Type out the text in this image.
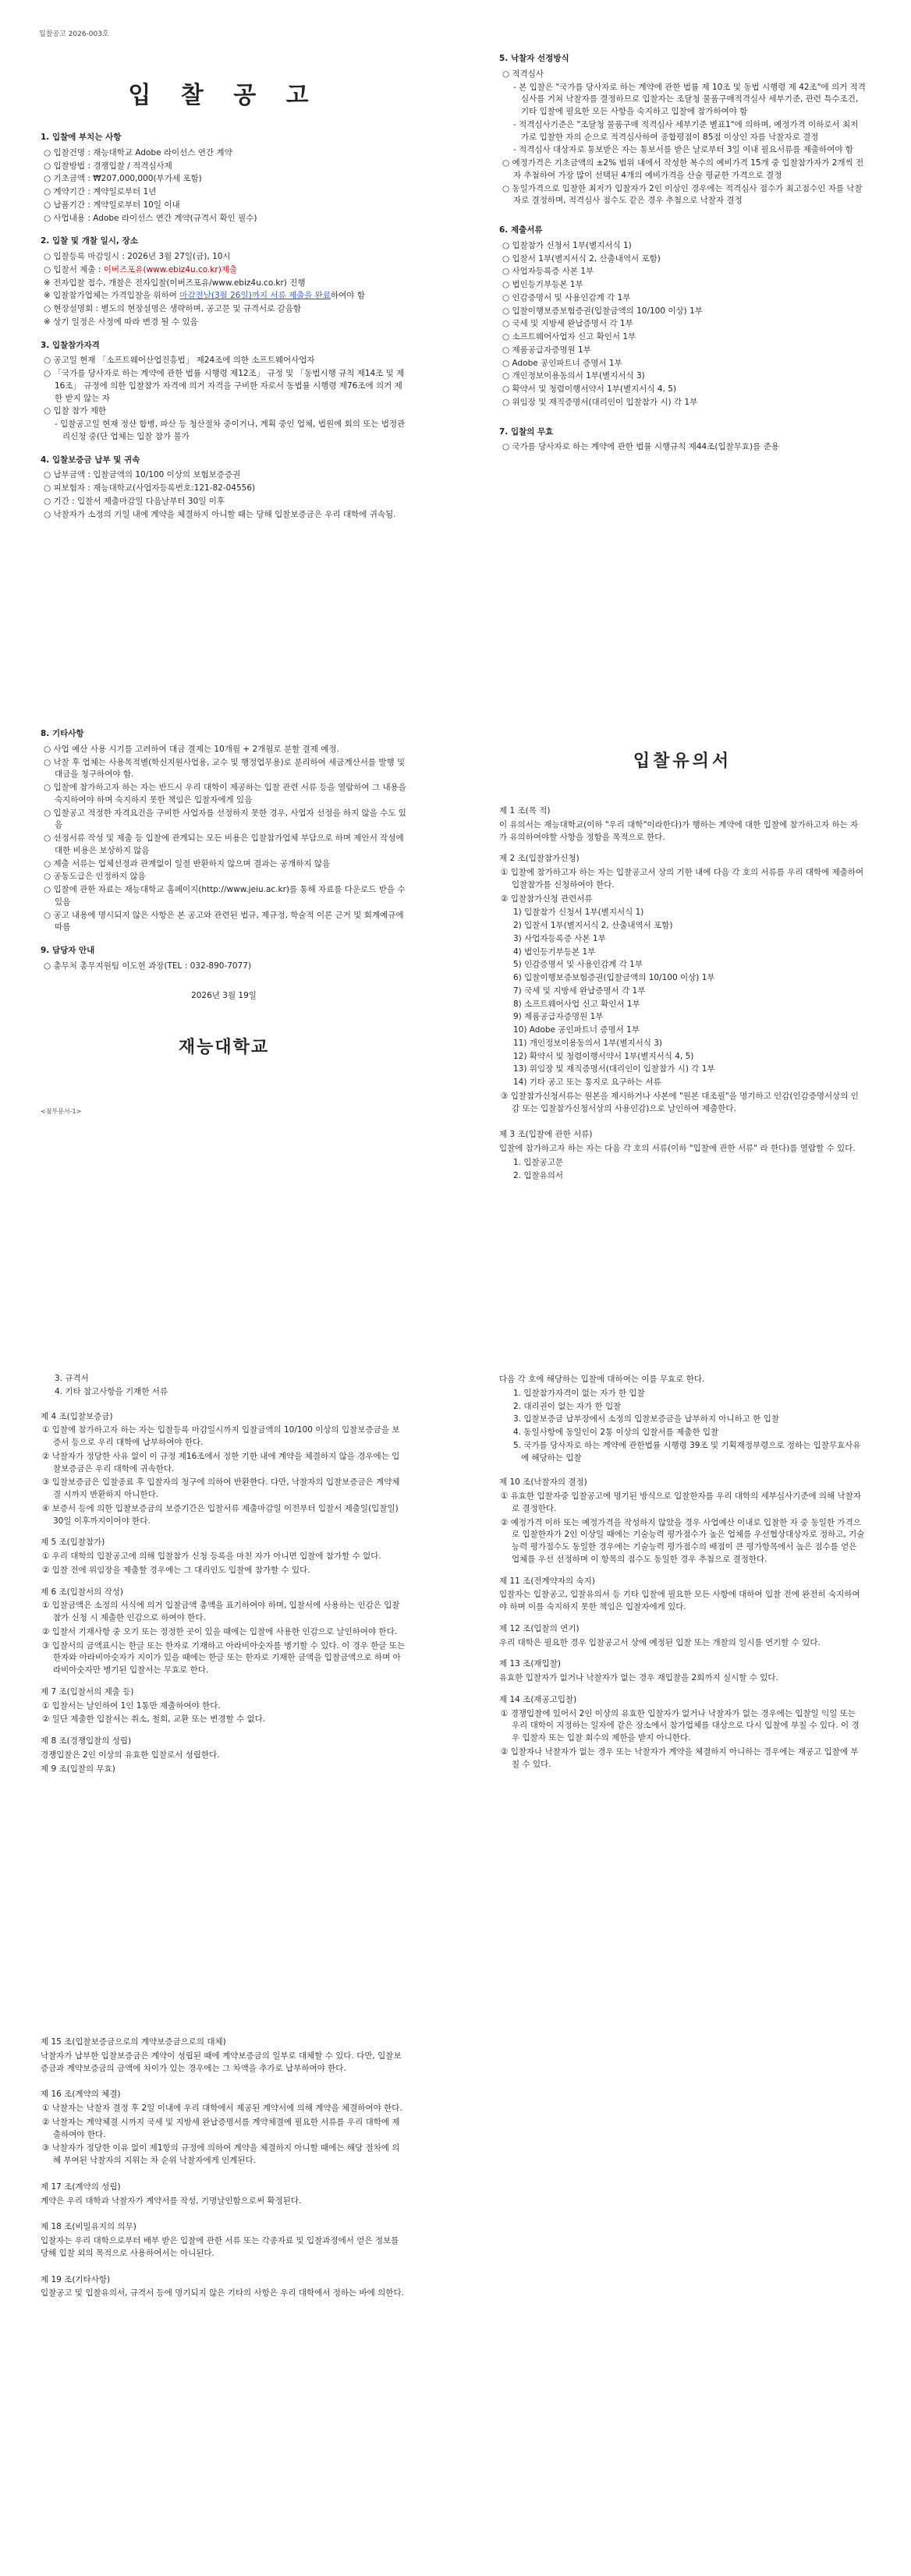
입찰공고 2026-003호
입 찰 공 고
1. 입찰에 부치는 사항
○ 입찰건명 : 재능대학교 Adobe 라이선스 연간 계약
○ 입찰방법 : 경쟁입찰 / 적격심사제
○ 기초금액 : ₩207,000,000(부가세 포함)
○ 계약기간 : 계약일로부터 1년
○ 납품기간 : 계약일로부터 10일 이내
○ 사업내용 : Adobe 라이선스 연간 계약(규격서 확인 필수)
2. 입찰 및 개찰 일시, 장소
○ 입찰등록 마감일시 : 2026년 3월 27일(금), 10시
○ 입찰서 제출 : 이버즈포유(www.ebiz4u.co.kr)제출
※ 전자입찰 접수, 개찰은 전자입찰(이버즈포유/www.ebiz4u.co.kr) 진행
※ 입찰참가업체는 가격입찰을 위하여 마감전날(3월 26일)까지 서류 제출을 완료하여야 함
○ 현장설명회 : 별도의 현장설명은 생략하며, 공고문 및 규격서로 갈음함
※ 상기 일정은 사정에 따라 변경 될 수 있음
3. 입찰참가자격
○ 공고일 현재 「소프트웨어산업진흥법」 제24조에 의한 소프트웨어사업자
○ 「국가를 당사자로 하는 계약에 관한 법률 시행령 제12조」 규정 및 「동법시행 규칙 제14조 및 제16조」 규정에 의한 입찰참가 자격에 의거 자격을 구비한 자로서 동법률 시행령 제76조에 의거 제한 받지 않는 자
○ 입찰 참가 제한
- 입찰공고일 현재 정산 합병, 파산 등 청산절차 중이거나, 계획 중인 업체, 법원에 회의 또는 법정관리신청 중(단 업체는 입찰 참가 불가
4. 입찰보증금 납부 및 귀속
○ 납부금액 : 입찰금액의 10/100 이상의 보험보증증권
○ 피보험자 : 재능대학교(사업자등록번호:121-82-04556)
○ 기간 : 입찰서 제출마감일 다음날부터 30일 이후
○ 낙찰자가 소정의 기일 내에 계약을 체결하지 아니할 때는 당해 입찰보증금은 우리 대학에 귀속됨.
5. 낙찰자 선정방식
○ 적격심사
- 본 입찰은 "국가를 당사자로 하는 계약에 관한 법률 제 10조 및 동법 시행령 제 42조"에 의거 적격심사를 거쳐 낙찰자를 결정하므로 입찰자는 조달청 물품구매적격심사 세부기준, 관련 특수조건, 기타 입찰에 필요한 모든 사항을 숙지하고 입찰에 참가하여야 함
- 적격심사기준은 "조달청 물품구매 적격심사 세부기준 별표1"에 의하며, 예정가격 이하로서 최저가로 입찰한 자의 순으로 적격심사하여 종합평점이 85점 이상인 자를 낙찰자로 결정
- 적격심사 대상자로 통보받은 자는 통보서를 받은 날로부터 3일 이내 필요서류를 제출하여야 함
○ 예정가격은 기초금액의 ±2% 범위 내에서 작성한 복수의 예비가격 15개 중 입찰참가자가 2개씩 전자 추첨하여 가장 많이 선택된 4개의 예비가격을 산술 평균한 가격으로 결정
○ 동일가격으로 입찰한 최저가 입찰자가 2인 이상인 경우에는 적격심사 점수가 최고점수인 자를 낙찰자로 결정하며, 적격심사 점수도 같은 경우 추첨으로 낙찰자 결정
6. 제출서류
○ 입찰참가 신청서 1부(별지서식 1)
○ 입찰서 1부(별지서식 2, 산출내역서 포함)
○ 사업자등록증 사본 1부
○ 법인등기부등본 1부
○ 인감증명서 및 사용인감계 각 1부
○ 입찰이행보증보험증권(입찰금액의 10/100 이상) 1부
○ 국세 및 지방세 완납증명서 각 1부
○ 소프트웨어사업자 신고 확인서 1부
○ 제품공급자증명원 1부
○ Adobe 공인파트너 증명서 1부
○ 개인정보이용동의서 1부(별지서식 3)
○ 확약서 및 청렴이행서약서 1부(별지서식 4, 5)
○ 위임장 및 재직증명서(대리인이 입찰참가 시) 각 1부
7. 입찰의 무효
○ 국가를 당사자로 하는 계약에 관한 법률 시행규칙 제44조(입찰무효)를 준용
8. 기타사항
○ 사업 예산 사용 시기를 고려하여 대금 결제는 10개월 + 2개월로 분할 결제 예정.
○ 낙찰 후 업체는 사용목적별(학신지원사업용, 교수 및 행정업무용)로 분리하여 세금계산서를 발행 및 대금을 청구하여야 함.
○ 입찰에 참가하고자 하는 자는 반드시 우리 대학이 제공하는 입찰 관련 서류 등을 열람하여 그 내용을 숙지하여야 하며 숙지하지 못한 책임은 입찰자에게 있음
○ 입찰공고 적정한 자격요건을 구비한 사업자를 선정하지 못한 경우, 사업자 선정을 하지 않을 수도 있음
○ 선정서류 작성 및 제출 등 입찰에 관계되는 모든 비용은 입찰참가업체 부담으로 하며 제안서 작성에 대한 비용은 보상하지 않음
○ 제출 서류는 업체선정과 관계없이 일절 반환하지 않으며 결과는 공개하지 않음
○ 공동도급은 인정하지 않음
○ 입찰에 관한 자료는 재능대학교 홈페이지(http://www.jeiu.ac.kr)를 통해 자료를 다운로드 받을 수 있음
○ 공고 내용에 명시되지 않은 사항은 본 공고와 관련된 법규, 제규정, 학술적 이론 근거 및 회계예규에 따름
9. 담당자 안내
○ 총무처 총무지원팀 이도헌 과장(TEL : 032-890-7077)
2026년 3월 19일
재능대학교
<첨부문서-1>
입찰유의서
제 1 조(목 적)
이 유의서는 재능대학교(이하 "우리 대학"이라한다)가 행하는 계약에 대한 입찰에 참가하고자 하는 자가 유의하여야할 사항을 정함을 목적으로 한다.
제 2 조(입찰참가신청)
① 입찰에 참가하고자 하는 자는 입찰공고서 상의 기한 내에 다음 각 호의 서류를 우리 대학에 제출하여 입찰참가를 신청하여야 한다.
② 입찰참가신청 관련서류
1) 입찰참가 신청서 1부(별지서식 1)
2) 입찰서 1부(별지서식 2, 산출내역서 포함)
3) 사업자등록증 사본 1부
4) 법인등기부등본 1부
5) 인감증명서 및 사용인감계 각 1부
6) 입찰이행보증보험증권(입찰금액의 10/100 이상) 1부
7) 국세 및 지방세 완납증명서 각 1부
8) 소프트웨어사업 신고 확인서 1부
9) 제품공급자증명원 1부
10) Adobe 공인파트너 증명서 1부
11) 개인정보이용동의서 1부(별지서식 3)
12) 확약서 및 청렴이행서약서 1부(별지서식 4, 5)
13) 위임장 및 재직증명서(대리인이 입찰참가 시) 각 1부
14) 기타 공고 또는 통지로 요구하는 서류
③ 입찰참가신청서류는 원본을 제시하거나 사본에 "원본 대조필"을 명기하고 인감(인감증명서상의 인감 또는 입찰참가신청서상의 사용인감)으로 날인하여 제출한다.
제 3 조(입찰에 관한 서류)
입찰에 참가하고자 하는 자는 다음 각 호의 서류(이하 "입찰에 관한 서류" 라 한다)를 열람할 수 있다.
1. 입찰공고문
2. 입찰유의서
3. 규격서
4. 기타 참고사항을 기재한 서류
제 4 조(입찰보증금)
① 입찰에 참가하고자 하는 자는 입찰등록 마감일시까지 입찰금액의 10/100 이상의 입찰보증금을 보증서 등으로 우리 대학에 납부하여야 한다.
② 낙찰자가 정당한 사유 없이 이 규정 제16조에서 정한 기한 내에 계약을 체결하지 않을 경우에는 입찰보증금은 우리 대학에 귀속한다.
③ 입찰보증금은 입찰종료 후 입찰자의 청구에 의하여 반환한다. 다만, 낙찰자의 입찰보증금은 계약체결 시까지 반환하지 아니한다.
④ 보증서 등에 의한 입찰보증금의 보증기간은 입찰서류 제출마감일 이전부터 입찰서 제출일(입찰일) 30일 이후까지이어야 한다.
제 5 조(입찰참가)
① 우리 대학의 입찰공고에 의해 입찰참가 신청 등록을 마친 자가 아니면 입찰에 참가할 수 없다.
② 입찰 전에 위임장을 제출할 경우에는 그 대리인도 입찰에 참가할 수 있다.
제 6 조(입찰서의 작성)
① 입찰금액은 소정의 서식에 의거 입찰금액 총액을 표기하여야 하며, 입찰서에 사용하는 인감은 입찰참가 신청 시 제출한 인감으로 하여야 한다.
② 입찰서 기재사항 중 오기 또는 정정한 곳이 있을 때에는 입찰에 사용한 인감으로 날인하여야 한다.
③ 입찰서의 금액표시는 한글 또는 한자로 기재하고 아라비아숫자를 병기할 수 있다. 이 경우 한글 또는 한자와 아라비아숫자가 지이가 있을 때에는 한글 또는 한자로 기재한 금액을 입찰금액으로 하며 아라비아숫자만 병기된 입찰서는 무효로 한다.
제 7 조(입찰서의 제출 등)
① 입찰서는 날인하여 1인 1통만 제출하여야 한다.
② 일단 제출한 입찰서는 취소, 철회, 교환 또는 변경할 수 없다.
제 8 조(경쟁입찰의 성립)
경쟁입찰은 2인 이상의 유효한 입찰로서 성립한다.
제 9 조(입찰의 무효)
다음 각 호에 해당하는 입찰에 대하여는 이를 무효로 한다.
1. 입찰참가자격이 없는 자가 한 입찰
2. 대리권이 없는 자가 한 입찰
3. 입찰보증금 납부장에서 소정의 입찰보증금을 납부하지 아니하고 한 입찰
4. 동일사항에 동일인이 2통 이상의 입찰서를 제출한 입찰
5. 국가를 당사자로 하는 계약에 관한법률 시행령 39조 및 기획재정부령으로 정하는 입찰무효사유에 해당하는 입찰
제 10 조(낙찰자의 결정)
① 유효한 입찰자중 입찰공고에 명기된 방식으로 입찰한자를 우리 대학의 세부심사기준에 의해 낙찰자로 결정한다.
② 예정가격 이하 또는 예정가격을 작성하지 않았을 경우 사업예산 이내로 입찰한 자 중 동일한 가격으로 입찰한자가 2인 이상일 때에는 기술능력 평가점수가 높은 업체를 우선협상대상자로 정하고, 기술능력 평가점수도 동일한 경우에는 기술능력 평가점수의 배점이 큰 평가항목에서 높은 점수를 얻은 업체를 우선 선정하며 이 항목의 점수도 동일한 경우 추첨으로 결정한다.
제 11 조(전계약자의 숙지)
입찰자는 입찰공고, 입찰유의서 등 기타 입찰에 필요한 모든 사항에 대하여 입찰 전에 완전히 숙지하여야 하며 이를 숙지하지 못한 책임은 입찰자에게 있다.
제 12 조(입찰의 연기)
우리 대학은 필요한 경우 입찰공고서 상에 예정된 입찰 또는 개찰의 일시를 연기할 수 있다.
제 13 조(재입찰)
유효한 입찰자가 없거나 낙찰자가 없는 경우 재입찰을 2회까지 실시할 수 있다.
제 14 조(재공고입찰)
① 경쟁입찰에 있어서 2인 이상의 유효한 입찰자가 없거나 낙찰자가 없는 경우에는 입찰일 익일 또는 우리 대학이 지정하는 일자에 같은 장소에서 참가업체를 대상으로 다시 입찰에 부칠 수 있다. 이 경우 입찰자 또는 입찰 회수의 제한을 받지 아니한다.
② 입찰자나 낙찰자가 없는 경우 또는 낙찰자가 계약을 체결하지 아니하는 경우에는 재공고 입찰에 부칠 수 있다.
제 15 조(입찰보증금으로의 계약보증금으로의 대체)
낙찰자가 납부한 입찰보증금은 계약이 성립된 때에 계약보증금의 일부로 대체할 수 있다. 다만, 입찰보증금과 계약보증금의 금액에 차이가 있는 경우에는 그 차액을 추가로 납부하여야 한다.
제 16 조(계약의 체결)
① 낙찰자는 낙찰자 결정 후 2일 이내에 우리 대학에서 제공된 계약서에 의해 계약을 체결하여야 한다.
② 낙찰자는 계약체결 시까지 국세 및 지방세 완납증명서를 계약체결에 필요한 서류를 우리 대학에 제출하여야 한다.
③ 낙찰자가 정당한 이유 없이 제1항의 규정에 의하여 계약을 체결하지 아니할 때에는 해당 절차에 의해 부여된 낙찰자의 지위는 차 순위 낙찰자에게 인계된다.
제 17 조(계약의 성립)
계약은 우리 대학과 낙찰자가 계약서를 작성, 기명날인함으로써 확정된다.
제 18 조(비밀유지의 의무)
입찰자는 우리 대학으로부터 배부 받은 입찰에 관한 서류 또는 각종자료 및 입찰과정에서 얻은 정보를 당해 입찰 외의 목적으로 사용하여서는 아니된다.
제 19 조(기타사항)
입찰공고 및 입찰유의서, 규격서 등에 명기되지 않은 기타의 사항은 우리 대학에서 정하는 바에 의한다.
